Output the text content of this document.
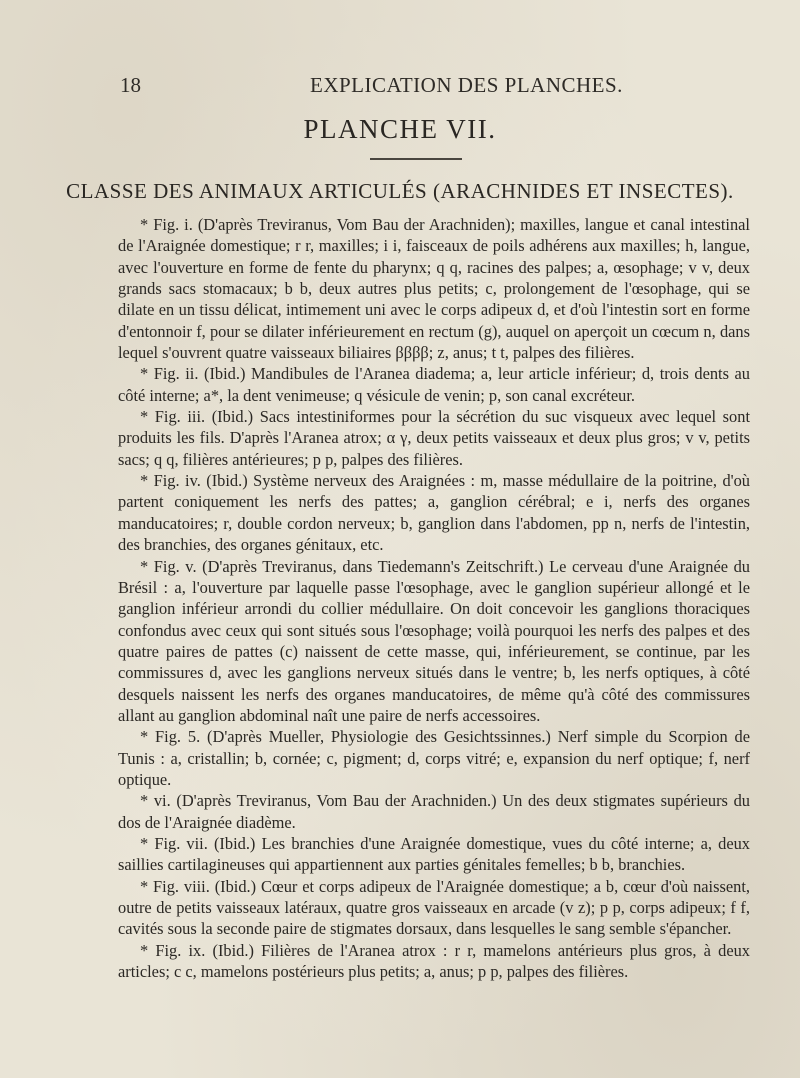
18	EXPLICATION DES PLANCHES.
PLANCHE VII.
CLASSE DES ANIMAUX ARTICULÉS (ARACHNIDES ET INSECTES).

* Fig. i. (D'après Treviranus, Vom Bau der Arachniden); maxilles, langue et canal intestinal de l'Araignée domestique; r r, maxilles; i i, faisceaux de poils adhérens aux maxilles; h, langue, avec l'ouverture en forme de fente du pharynx; q q, racines des palpes; a, œsophage; v v, deux grands sacs stomacaux; b b, deux autres plus petits; c, prolongement de l'œsophage, qui se dilate en un tissu délicat, intimement uni avec le corps adipeux d, et d'où l'intestin sort en forme d'entonnoir f, pour se dilater inférieurement en rectum (g), auquel on aperçoit un cœcum n, dans lequel s'ouvrent quatre vaisseaux biliaires ββββ; z, anus; t t, palpes des filières.

* Fig. ii. (Ibid.) Mandibules de l'Aranea diadema; a, leur article inférieur; d, trois dents au côté interne; a*, la dent venimeuse; q vésicule de venin; p, son canal excréteur.

* Fig. iii. (Ibid.) Sacs intestiniformes pour la sécrétion du suc visqueux avec lequel sont produits les fils. D'après l'Aranea atrox; α γ, deux petits vaisseaux et deux plus gros; v v, petits sacs; q q, filières antérieures; p p, palpes des filières.

* Fig. iv. (Ibid.) Système nerveux des Araignées : m, masse médullaire de la poitrine, d'où partent coniquement les nerfs des pattes; a, ganglion cérébral; e i, nerfs des organes manducatoires; r, double cordon nerveux; b, ganglion dans l'abdomen, pp n, nerfs de l'intestin, des branchies, des organes génitaux, etc.

* Fig. v. (D'après Treviranus, dans Tiedemann's Zeitschrift.) Le cerveau d'une Araignée du Brésil : a, l'ouverture par laquelle passe l'œsophage, avec le ganglion supérieur allongé et le ganglion inférieur arrondi du collier médullaire. On doit concevoir les ganglions thoraciques confondus avec ceux qui sont situés sous l'œsophage; voilà pourquoi les nerfs des palpes et des quatre paires de pattes (c) naissent de cette masse, qui, inférieurement, se continue, par les commissures d, avec les ganglions nerveux situés dans le ventre; b, les nerfs optiques, à côté desquels naissent les nerfs des organes manducatoires, de même qu'à côté des commissures allant au ganglion abdominal naît une paire de nerfs accessoires.

* Fig. 5. (D'après Mueller, Physiologie des Gesichtssinnes.) Nerf simple du Scorpion de Tunis : a, cristallin; b, cornée; c, pigment; d, corps vitré; e, expansion du nerf optique; f, nerf optique.

* vi. (D'après Treviranus, Vom Bau der Arachniden.) Un des deux stigmates supérieurs du dos de l'Araignée diadème.

* Fig. vii. (Ibid.) Les branchies d'une Araignée domestique, vues du côté interne; a, deux saillies cartilagineuses qui appartiennent aux parties génitales femelles; b b, branchies.

* Fig. viii. (Ibid.) Cœur et corps adipeux de l'Araignée domestique; a b, cœur d'où naissent, outre de petits vaisseaux latéraux, quatre gros vaisseaux en arcade (v z); p p, corps adipeux; f f, cavités sous la seconde paire de stigmates dorsaux, dans lesquelles le sang semble s'épancher.

* Fig. ix. (Ibid.) Filières de l'Aranea atrox : r r, mamelons antérieurs plus gros, à deux articles; c c, mamelons postérieurs plus petits; a, anus; p p, palpes des filières.
